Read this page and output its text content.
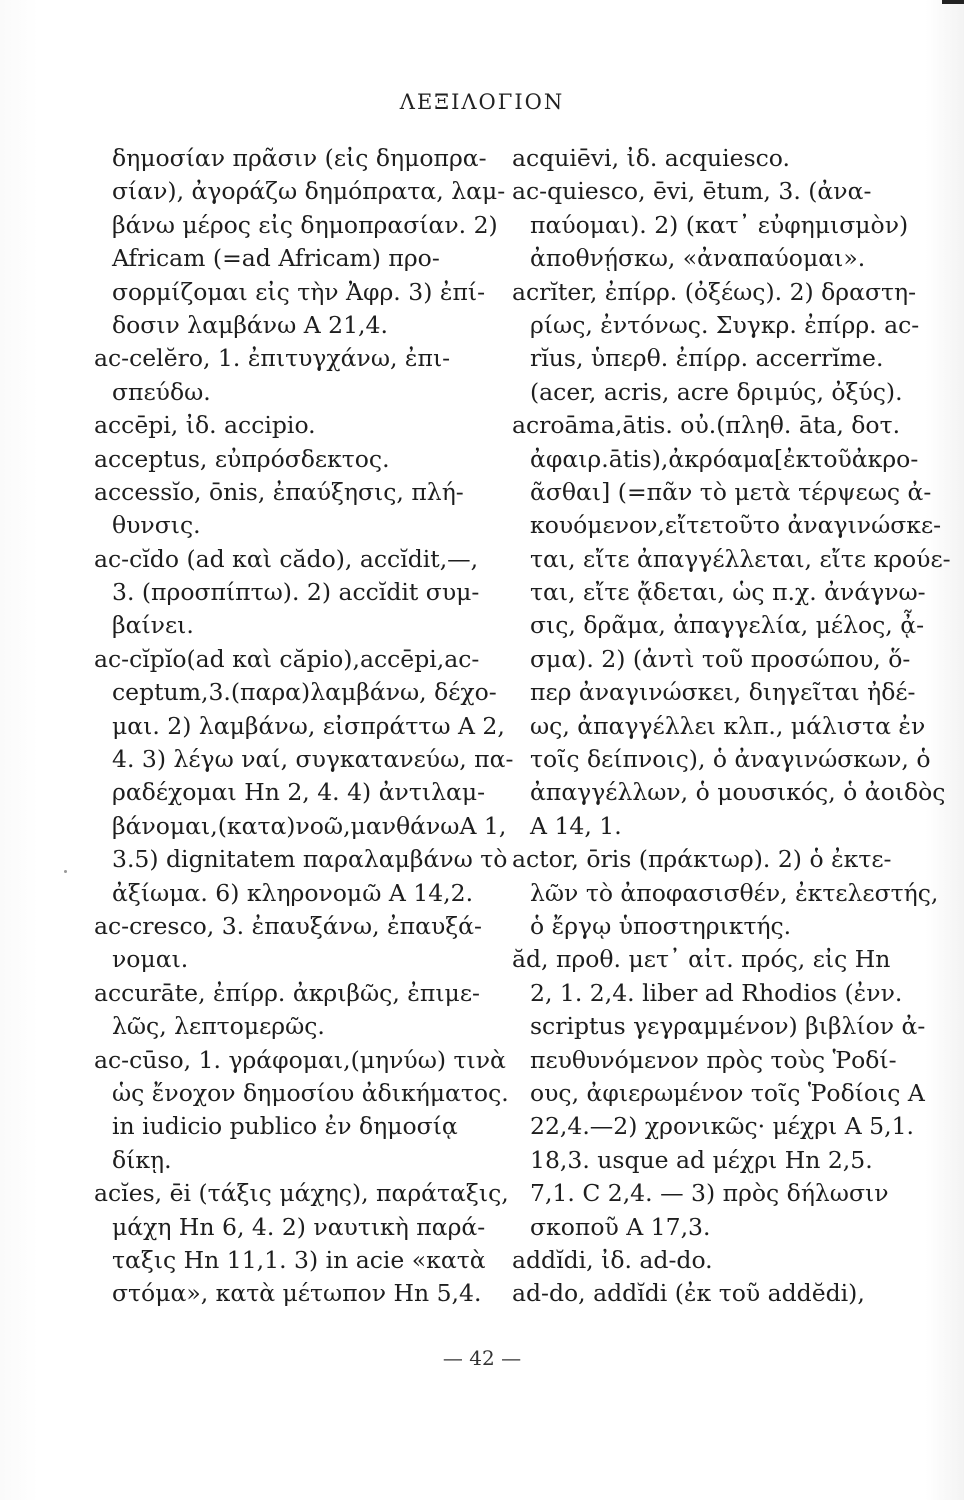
ΛΕΞΙΛΟΓΙΟΝ
δημοσίαν πρᾶσιν (εἰς δημοπρα-
σίαν), ἀγοράζω δημόπρατα, λαμ-
βάνω μέρος εἰς δημοπρασίαν. 2)
Africam (=ad Africam) προ-
σορμίζομαι εἰς τὴν Ἀφρ. 3) ἐπί-
δοσιν λαμβάνω A 21,4.
ac-celĕro, 1. ἐπιτυγχάνω, ἐπι-
σπεύδω.
accēpi, ἰδ. accipio.
acceptus, εὐπρόσδεκτος.
accessĭo, ōnis, ἐπαύξησις, πλή-
θυνσις.
ac-cĭdo (ad καὶ cădo), accĭdit,—,
3. (προσπίπτω). 2) accĭdit συμ-
βαίνει.
ac-cĭpĭo(ad καὶ căpio),accēpi,ac-
ceptum,3.(παρα)λαμβάνω, δέχο-
μαι. 2) λαμβάνω, εἰσπράττω A 2,
4. 3) λέγω ναί, συγκατανεύω, πα-
ραδέχομαι Hn 2, 4. 4) ἀντιλαμ-
βάνομαι,(κατα)νοῶ,μανθάνωA 1,
3.5) dignitatem παραλαμβάνω τὸ
ἀξίωμα. 6) κληρονομῶ A 14,2.
ac-cresco, 3. ἐπαυξάνω, ἐπαυξά-
νομαι.
accurāte, ἐπίρρ. ἀκριβῶς, ἐπιμε-
λῶς, λεπτομερῶς.
ac-cūso, 1. γράφομαι,(μηνύω) τινὰ
ὡς ἔνοχον δημοσίου ἀδικήματος.
in iudicio publico ἐν δημοσίᾳ
δίκῃ.
acĭes, ēi (τάξις μάχης), παράταξις,
μάχη Hn 6, 4. 2) ναυτικὴ παρά-
ταξις Hn 11,1. 3) in acie «κατὰ
στόμα», κατὰ μέτωπον Hn 5,4.
acquiēvi, ἰδ. acquiesco.
ac-quiesco, ēvi, ētum, 3. (ἀνα-
παύομαι). 2) (κατ᾽ εὐφημισμὸν)
ἀποθνῄσκω, «ἀναπαύομαι».
acrĭter, ἐπίρρ. (ὀξέως). 2) δραστη-
ρίως, ἐντόνως. Συγκρ. ἐπίρρ. ac-
rĭus, ὑπερθ. ἐπίρρ. accerrĭme.
(acer, acris, acre δριμύς, ὀξύς).
acroāma,ātis. οὐ.(πληθ. āta, δοτ.
ἀφαιρ.ātis),ἀκρόαμα[ἐκτοῦἀκρο-
ᾶσθαι] (=πᾶν τὸ μετὰ τέρψεως ἀ-
κουόμενον,εἴτετοῦτο ἀναγινώσκε-
ται, εἴτε ἀπαγγέλλεται, εἴτε κρούε-
ται, εἴτε ᾄδεται, ὡς π.χ. ἀνάγνω-
σις, δρᾶμα, ἀπαγγελία, μέλος, ᾆ-
σμα). 2) (ἀντὶ τοῦ προσώπου, ὅ-
περ ἀναγινώσκει, διηγεῖται ἠδέ-
ως, ἀπαγγέλλει κλπ., μάλιστα ἐν
τοῖς δείπνοις), ὁ ἀναγινώσκων, ὁ
ἀπαγγέλλων, ὁ μουσικός, ὁ ἀοιδὸς
A 14, 1.
actor, ōris (πράκτωρ). 2) ὁ ἐκτε-
λῶν τὸ ἀποφασισθέν, ἐκτελεστής,
ὁ ἔργῳ ὑποστηρικτής.
ăd, προθ. μετ᾽ αἰτ. πρός, εἰς Hn
2, 1. 2,4. liber ad Rhodios (ἐνν.
scriptus γεγραμμένον) βιβλίον ἀ-
πευθυνόμενον πρὸς τοὺς Ῥοδί-
ους, ἀφιερωμένον τοῖς Ῥοδίοις A
22,4.—2) χρονικῶς· μέχρι A 5,1.
18,3. usque ad μέχρι Hn 2,5.
7,1. C 2,4. — 3) πρὸς δήλωσιν
σκοποῦ A 17,3.
addĭdi, ἰδ. ad-do.
ad-do, addĭdi (ἐκ τοῦ addĕdi),
— 42 —
